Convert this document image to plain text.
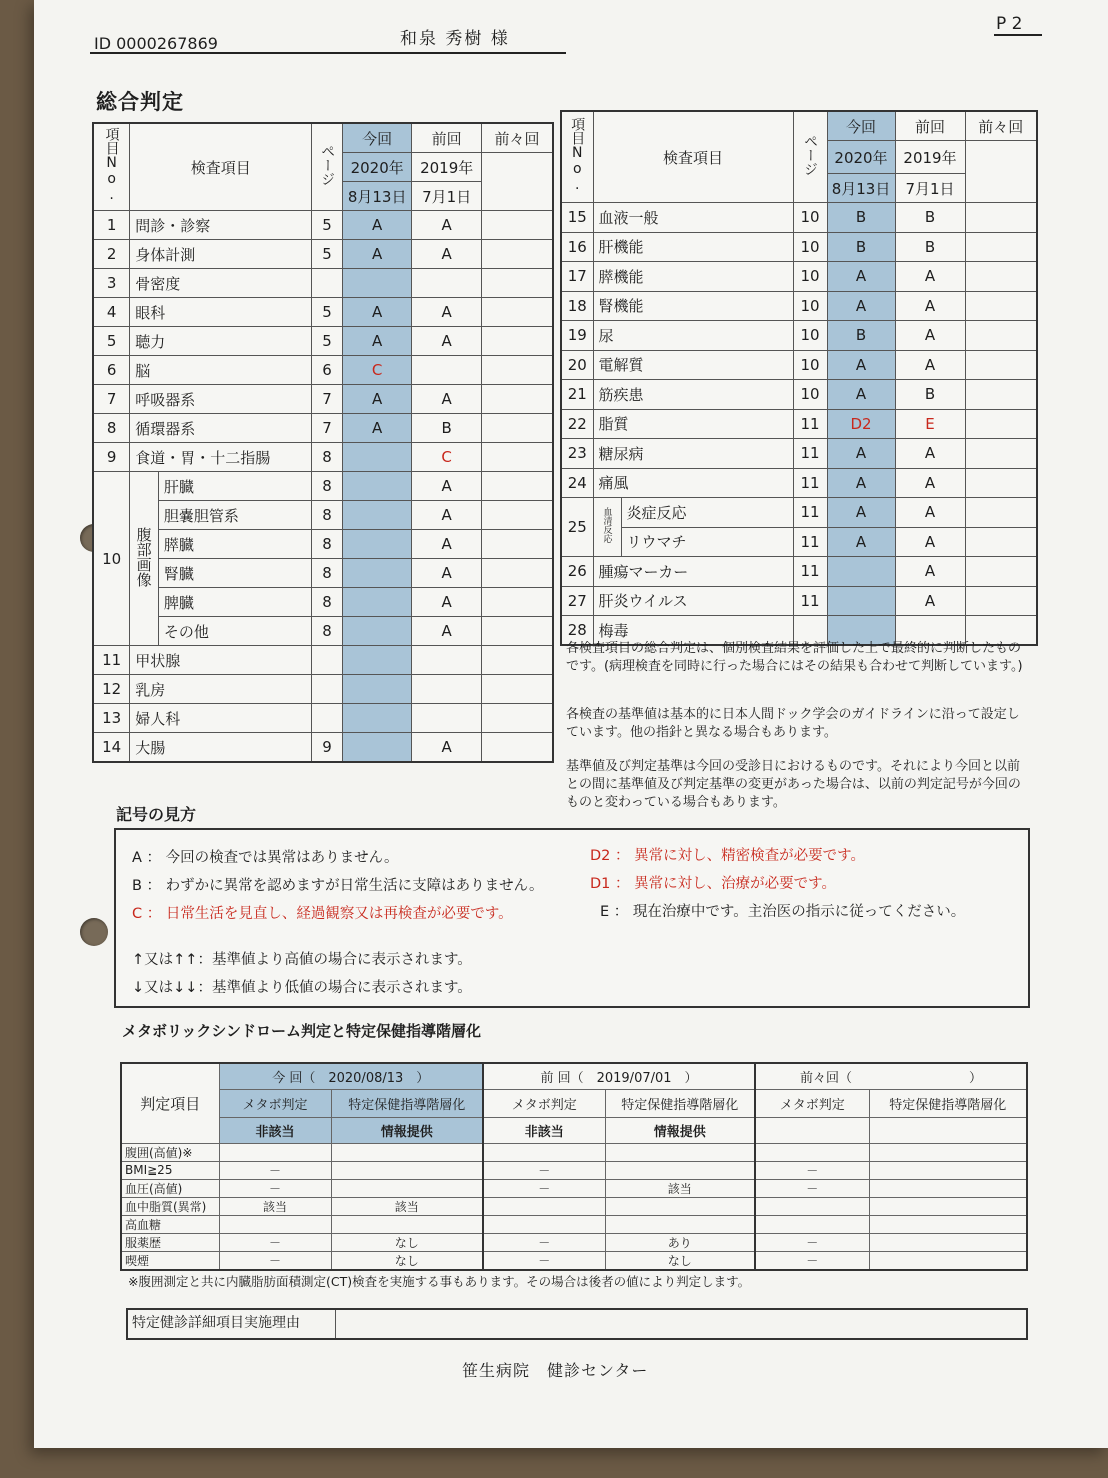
ID 0000267869	和泉 秀樹 様
P 2
総合判定
項目No.	検査項目		ページ	今回	前回	前々回
				2020年	2019年	
				8月13日	7月1日	
1	問診・診察		5	A	A	
2	身体計測		5	A	A	
3	骨密度					
4	眼科		5	A	A	
5	聴力		5	A	A	
6	脳		6	C		
7	呼吸器系		7	A	A	
8	循環器系		7	A	B	
9	食道・胃・十二指腸		8		C	
10	腹部画像	肝臓	8		A	
		胆嚢胆管系	8		A	
		膵臓	8		A	
		腎臓	8		A	
		脾臓	8		A	
		その他	8		A	
11	甲状腺					
12	乳房					
13	婦人科					
14	大腸		9		A	
項目No.	検査項目		ページ	今回	前回	前々回
				2020年	2019年	
				8月13日	7月1日	
15	血液一般		10	B	B	
16	肝機能		10	B	B	
17	膵機能		10	A	A	
18	腎機能		10	A	A	
19	尿		10	B	A	
20	電解質		10	A	A	
21	筋疾患		10	A	B	
22	脂質		11	D2	E	
23	糖尿病		11	A	A	
24	痛風		11	A	A	
25	血清反応	炎症反応	11	A	A	
		リウマチ	11	A	A	
26	腫瘍マーカー		11		A	
27	肝炎ウイルス		11		A	
28	梅毒					
各検査項目の総合判定は、個別検査結果を評価した上で最終的に判断したものです。(病理検査を同時に行った場合にはその結果も合わせて判断しています。)
各検査の基準値は基本的に日本人間ドック学会のガイドラインに沿って設定しています。他の指針と異なる場合もあります。
基準値及び判定基準は今回の受診日におけるものです。それにより今回と以前との間に基準値及び判定基準の変更があった場合は、以前の判定記号が今回のものと変わっている場合もあります。
記号の見方
A ： 今回の検査では異常はありません。
B ： わずかに異常を認めますが日常生活に支障はありません。
C ： 日常生活を見直し、経過観察又は再検査が必要です。
D2 ： 異常に対し、精密検査が必要です。
D1 ： 異常に対し、治療が必要です。
E ： 現在治療中です。主治医の指示に従ってください。
↑又は↑↑：基準値より高値の場合に表示されます。
↓又は↓↓：基準値より低値の場合に表示されます。
メタボリックシンドローム判定と特定保健指導階層化
判定項目	今 回（　2020/08/13　）		前 回（　2019/07/01　）		前々回（　　　　　　　　　）	
	メタボ判定	特定保健指導階層化	メタボ判定	特定保健指導階層化	メタボ判定	特定保健指導階層化
	非該当	情報提供	非該当	情報提供		
腹囲(高値)※						
BMI≧25	－		－		－	
血圧(高値)	－		－	該当	－	
血中脂質(異常)	該当	該当				
高血糖						
服薬歴	－	なし	－	あり	－	
喫煙	－	なし	－	なし	－	
※腹囲測定と共に内臓脂肪面積測定(CT)検査を実施する事もあります。その場合は後者の値により判定します。
特定健診詳細項目実施理由
笹生病院　健診センター
